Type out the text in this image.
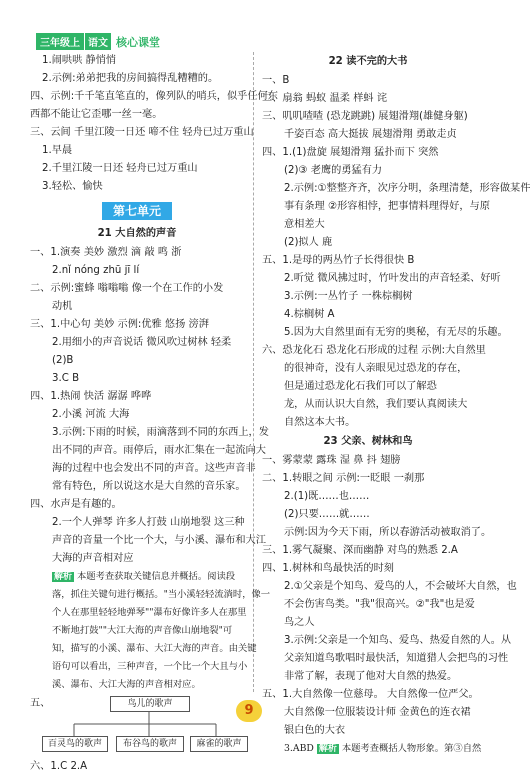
三年级上 语文 核心课堂
1.闹哄哄 静悄悄
2.示例:弟弟把我的房间搞得乱糟糟的。
四、示例:千千笔直笔直的，像列队的哨兵，似乎任何东
西都不能让它歪哪一丝一毫。
三、云间 千里江陵一日还 啼不住 轻舟已过万重山
1.早晨
2.千里江陵一日还 轻舟已过万重山
3.轻松、愉快
第七单元
21 大自然的声音
一、1.演奏 美妙 激烈 滴 敲 鸣 浙
2.nǐ nóng zhū jī lí
二、示例:蜜蜂 嗡嗡嗡 像一个在工作的小发
动机
三、1.中心句 美妙 示例:优雅 悠扬 滂湃
2.用细小的声音说话 微风吹过树林 轻柔
(2)B
3.C B
四、1.热闹 快活 潺潺 哗哗
2.小溪 河流 大海
3.示例:下雨的时候，雨滴落到不同的东西上，发
出不同的声音。雨停后，雨水汇集在一起流向大
海的过程中也会发出不同的声音。这些声音非
常有特色，所以说这水是大自然的音乐家。
四、水声是有趣的。
2.一个人弹琴 许多人打鼓 山崩地裂 这三种
声音的音量一个比一个大，与小溪、瀑布和大江
大海的声音相对应
解析 本题考查获取关键信息并概括。阅读段
落，抓住关键句进行概括。"当小溪轻轻流淌时，像一
个人在那里轻轻地弹琴""瀑布好像许多人在那里
不断地打鼓""大江大海的声音像山崩地裂"可
知，描写的小溪、瀑布、大江大海的声音。由关键
语句可以看出，三种声音，一个比一个大且与小
溪、瀑布、大江大海的声音相对应。
五、	鸟儿的歌声
百灵鸟的歌声	布谷鸟的歌声	麻雀的歌声
六、1.C 2.A
22 读不完的大书
一、B
二、扇翁 蚂蚁 温柔 样蚪 诧
三、叽叽喳喳 (恐龙跳跳) 展翅滑翔(雄健身躯)
千姿百态 高大挺拔 展翅滑翔 勇敢走贞
四、1.(1)盘旋 展翅滑翔 猛扑而下 突然
(2)③ 老鹰的勇猛有力
2.示例:①整整齐齐，次序分明，条理清楚，形容做某件
事有条理 ②形容相悖，把事情料理得好，与原
意相差大
(2)拟人 鹿
五、1.是母的两丛竹子长得很快 B
2.听觉 微风拂过时，竹叶发出的声音轻柔、好听
3.示例:一丛竹子 一株棕榈树
4.棕榈树 A
5.因为大自然里面有无穷的奥秘，有无尽的乐趣。
六、恐龙化石 恐龙化石形成的过程 示例:大自然里
的很神奇，没有人亲眼见过恐龙的存在，但是通过恐龙化石我们可以了解恐
龙，从而认识大自然，我们要认真阅读大自然这本大书。
23 父亲、树林和鸟
一、雾蒙蒙 露珠 湿 鼻 抖 翅膀
二、1.转眼之间 示例:一眨眼 一刹那
2.(1)既……也……
(2)只要……就……
示例:因为今天下雨，所以春游活动被取消了。
三、1.雾气凝聚、深而幽静 对鸟的熟悉 2.A
四、1.树林和鸟最快活的时刻
2.①父亲是个知鸟、爱鸟的人，不会破坏大自然，也
不会伤害鸟类。"我"很高兴。②"我"也是爱
鸟之人
3.示例:父亲是一个知鸟、爱鸟、热爱自然的人。从
父亲知道鸟歌唱时最快活，知道猎人会把鸟的习性
非常了解，表现了他对大自然的热爱。
五、1.大自然像一位慈母。 大自然像一位严父。
大自然像一位服装设计师 金黄色的连衣裙
银白色的大衣
3.ABD 解析 本题考查概括人物形象。第③自然
9
